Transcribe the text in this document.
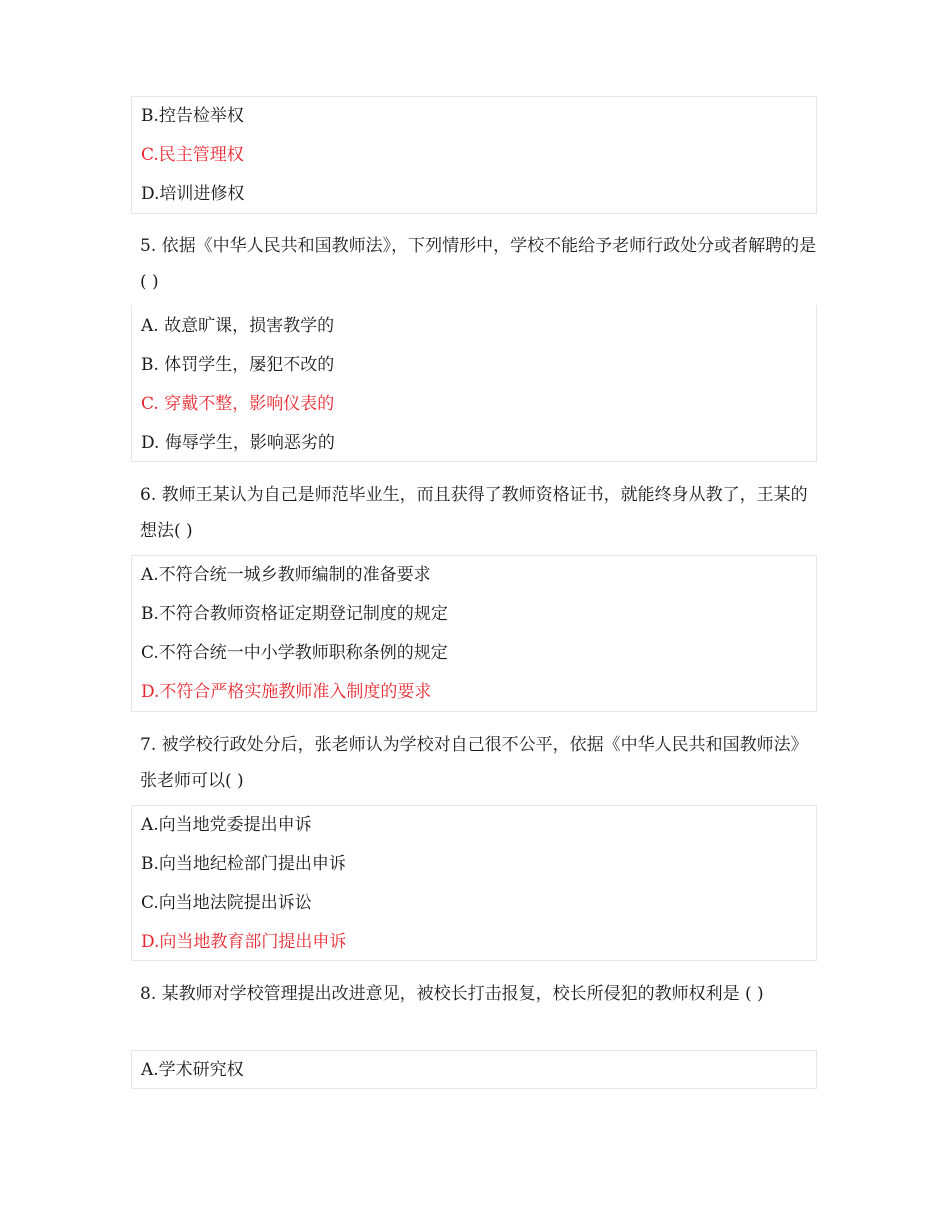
B.控告检举权
C.民主管理权
D.培训进修权
5. 依据《中华人民共和国教师法》，下列情形中，学校不能给予老师行政处分或者解聘的是( )
A. 故意旷课，损害教学的
B. 体罚学生，屡犯不改的
C. 穿戴不整，影响仪表的
D. 侮辱学生，影响恶劣的
6. 教师王某认为自己是师范毕业生，而且获得了教师资格证书，就能终身从教了，王某的想法( )
A.不符合统一城乡教师编制的准备要求
B.不符合教师资格证定期登记制度的规定
C.不符合统一中小学教师职称条例的规定
D.不符合严格实施教师准入制度的要求
7. 被学校行政处分后，张老师认为学校对自己很不公平，依据《中华人民共和国教师法》张老师可以( )
A.向当地党委提出申诉
B.向当地纪检部门提出申诉
C.向当地法院提出诉讼
D.向当地教育部门提出申诉
8. 某教师对学校管理提出改进意见，被校长打击报复，校长所侵犯的教师权利是 ( )
A.学术研究权
